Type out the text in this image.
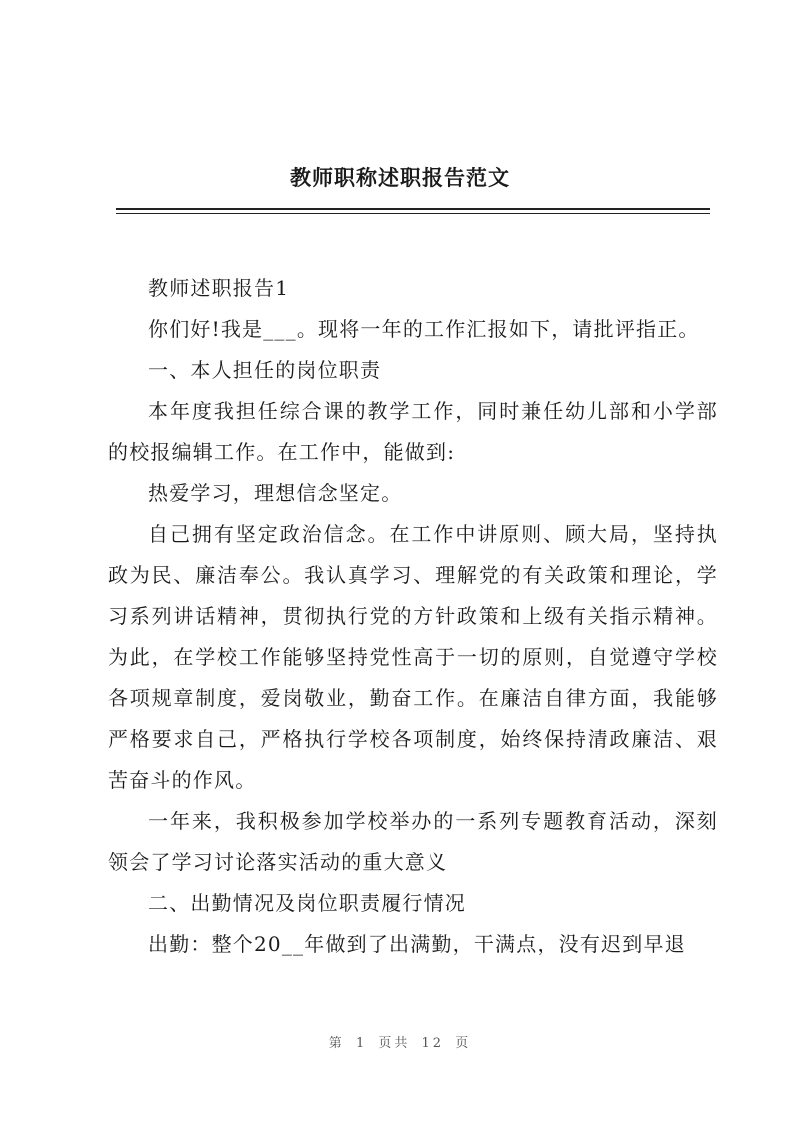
教师职称述职报告范文

教师述职报告1

你们好!我是___。现将一年的工作汇报如下，请批评指正。

一、本人担任的岗位职责

本年度我担任综合课的教学工作，同时兼任幼儿部和小学部的校报编辑工作。在工作中，能做到:

热爱学习，理想信念坚定。

自己拥有坚定政治信念。在工作中讲原则、顾大局，坚持执政为民、廉洁奉公。我认真学习、理解党的有关政策和理论，学习系列讲话精神，贯彻执行党的方针政策和上级有关指示精神。为此，在学校工作能够坚持党性高于一切的原则，自觉遵守学校各项规章制度，爱岗敬业，勤奋工作。在廉洁自律方面，我能够严格要求自己，严格执行学校各项制度，始终保持清政廉洁、艰苦奋斗的作风。

一年来，我积极参加学校举办的一系列专题教育活动，深刻领会了学习讨论落实活动的重大意义

二、出勤情况及岗位职责履行情况

出勤：整个20__年做到了出满勤，干满点，没有迟到早退

第 1 页共 12 页
